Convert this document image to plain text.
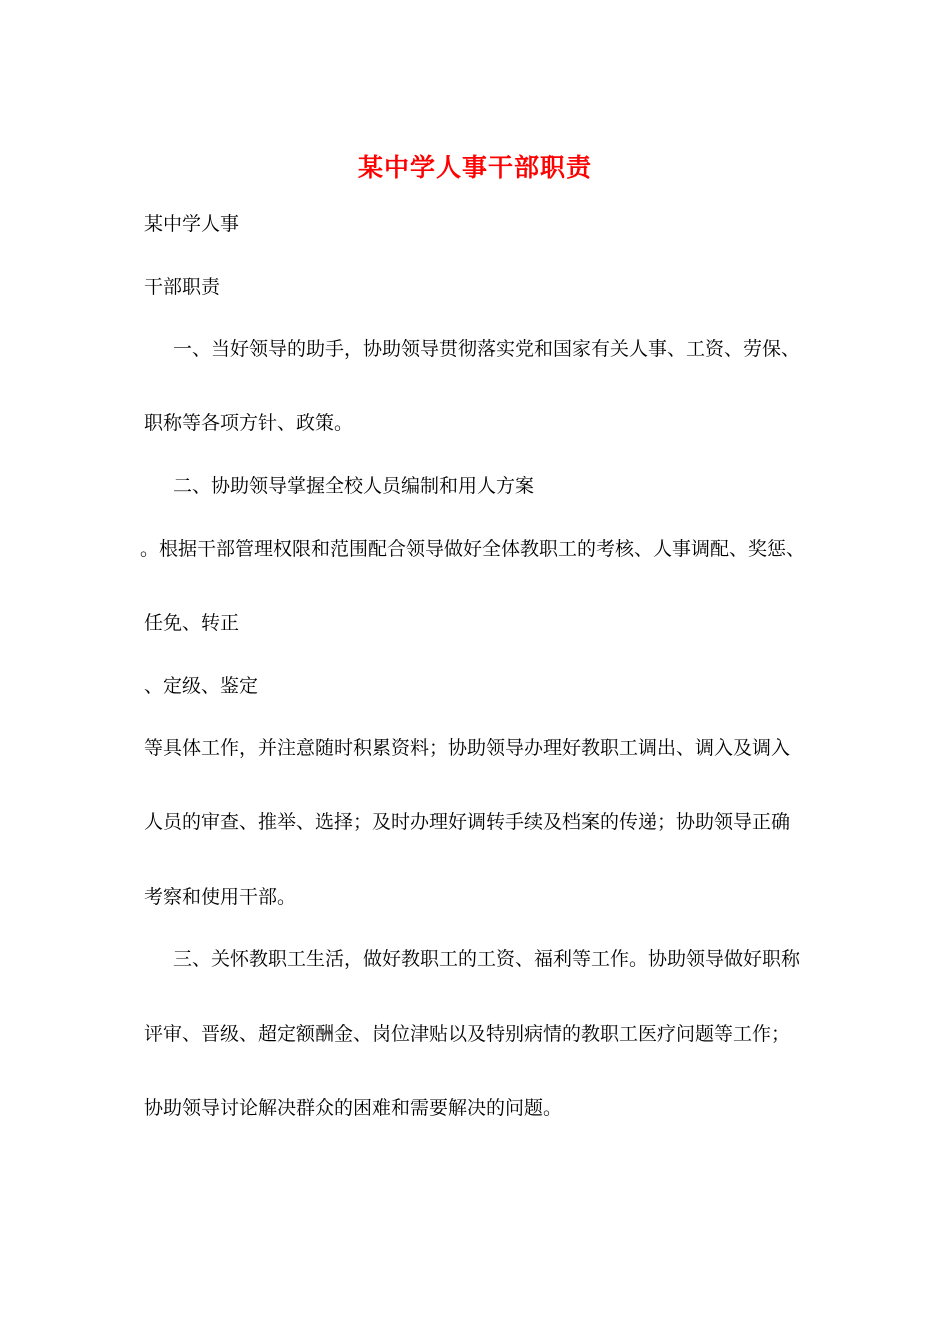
某中学人事干部职责
某中学人事
干部职责
一、当好领导的助手，协助领导贯彻落实党和国家有关人事、工资、劳保、
职称等各项方针、政策。
二、协助领导掌握全校人员编制和用人方案
。根据干部管理权限和范围配合领导做好全体教职工的考核、人事调配、奖惩、
任免、转正
、定级、鉴定
等具体工作，并注意随时积累资料；协助领导办理好教职工调出、调入及调入
人员的审查、推举、选择；及时办理好调转手续及档案的传递；协助领导正确
考察和使用干部。
三、关怀教职工生活，做好教职工的工资、福利等工作。协助领导做好职称
评审、晋级、超定额酬金、岗位津贴以及特别病情的教职工医疗问题等工作；
协助领导讨论解决群众的困难和需要解决的问题。
